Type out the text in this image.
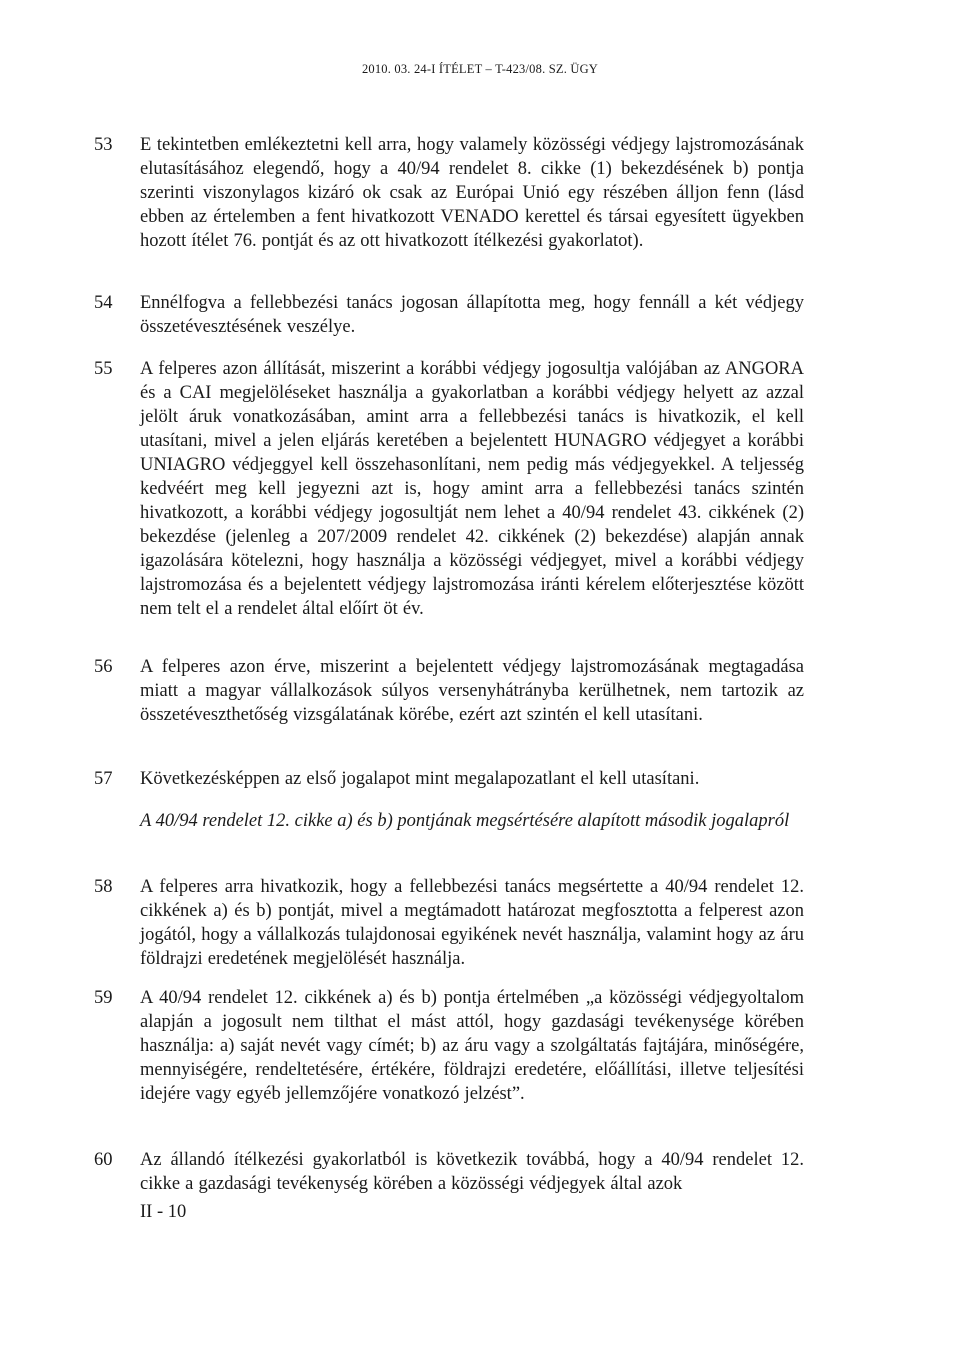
2010. 03. 24-I ÍTÉLET – T-423/08. SZ. ÜGY
53	E tekintetben emlékeztetni kell arra, hogy valamely közösségi védjegy lajstromozásának elutasításához elegendő, hogy a 40/94 rendelet 8. cikke (1) bekezdésének b) pontja szerinti viszonylagos kizáró ok csak az Európai Unió egy részében álljon fenn (lásd ebben az értelemben a fent hivatkozott VENADO kerettel és társai egyesített ügyekben hozott ítélet 76. pontját és az ott hivatkozott ítélkezési gyakorlatot).
54	Ennélfogva a fellebbezési tanács jogosan állapította meg, hogy fennáll a két védjegy összetévesztésének veszélye.
55	A felperes azon állítását, miszerint a korábbi védjegy jogosultja valójában az ANGORA és a CAI megjelöléseket használja a gyakorlatban a korábbi védjegy helyett az azzal jelölt áruk vonatkozásában, amint arra a fellebbezési tanács is hivatkozik, el kell utasítani, mivel a jelen eljárás keretében a bejelentett HUNAGRO védjegyet a korábbi UNIAGRO védjeggyel kell összehasonlítani, nem pedig más védjegyekkel. A teljesség kedvéért meg kell jegyezni azt is, hogy amint arra a fellebbezési tanács szintén hivatkozott, a korábbi védjegy jogosultját nem lehet a 40/94 rendelet 43. cikkének (2) bekezdése (jelenleg a 207/2009 rendelet 42. cikkének (2) bekezdése) alapján annak igazolására kötelezni, hogy használja a közösségi védjegyet, mivel a korábbi védjegy lajstromozása és a bejelentett védjegy lajstromozása iránti kérelem előterjesztése között nem telt el a rendelet által előírt öt év.
56	A felperes azon érve, miszerint a bejelentett védjegy lajstromozásának megtagadása miatt a magyar vállalkozások súlyos versenyhátrányba kerülhetnek, nem tartozik az összetéveszthetőség vizsgálatának körébe, ezért azt szintén el kell utasítani.
57	Következésképpen az első jogalapot mint megalapozatlant el kell utasítani.
A 40/94 rendelet 12. cikke a) és b) pontjának megsértésére alapított második jogalapról
58	A felperes arra hivatkozik, hogy a fellebbezési tanács megsértette a 40/94 rendelet 12. cikkének a) és b) pontját, mivel a megtámadott határozat megfosztotta a felperest azon jogától, hogy a vállalkozás tulajdonosai egyikének nevét használja, valamint hogy az áru földrajzi eredetének megjelölését használja.
59	A 40/94 rendelet 12. cikkének a) és b) pontja értelmében „a közösségi védjegyoltalom alapján a jogosult nem tilthat el mást attól, hogy gazdasági tevékenysége körében használja: a) saját nevét vagy címét; b) az áru vagy a szolgáltatás fajtájára, minőségére, mennyiségére, rendeltetésére, értékére, földrajzi eredetére, előállítási, illetve teljesítési idejére vagy egyéb jellemzőjére vonatkozó jelzést”.
60	Az állandó ítélkezési gyakorlatból is következik továbbá, hogy a 40/94 rendelet 12. cikke a gazdasági tevékenység körében a közösségi védjegyek által azok
II - 10
